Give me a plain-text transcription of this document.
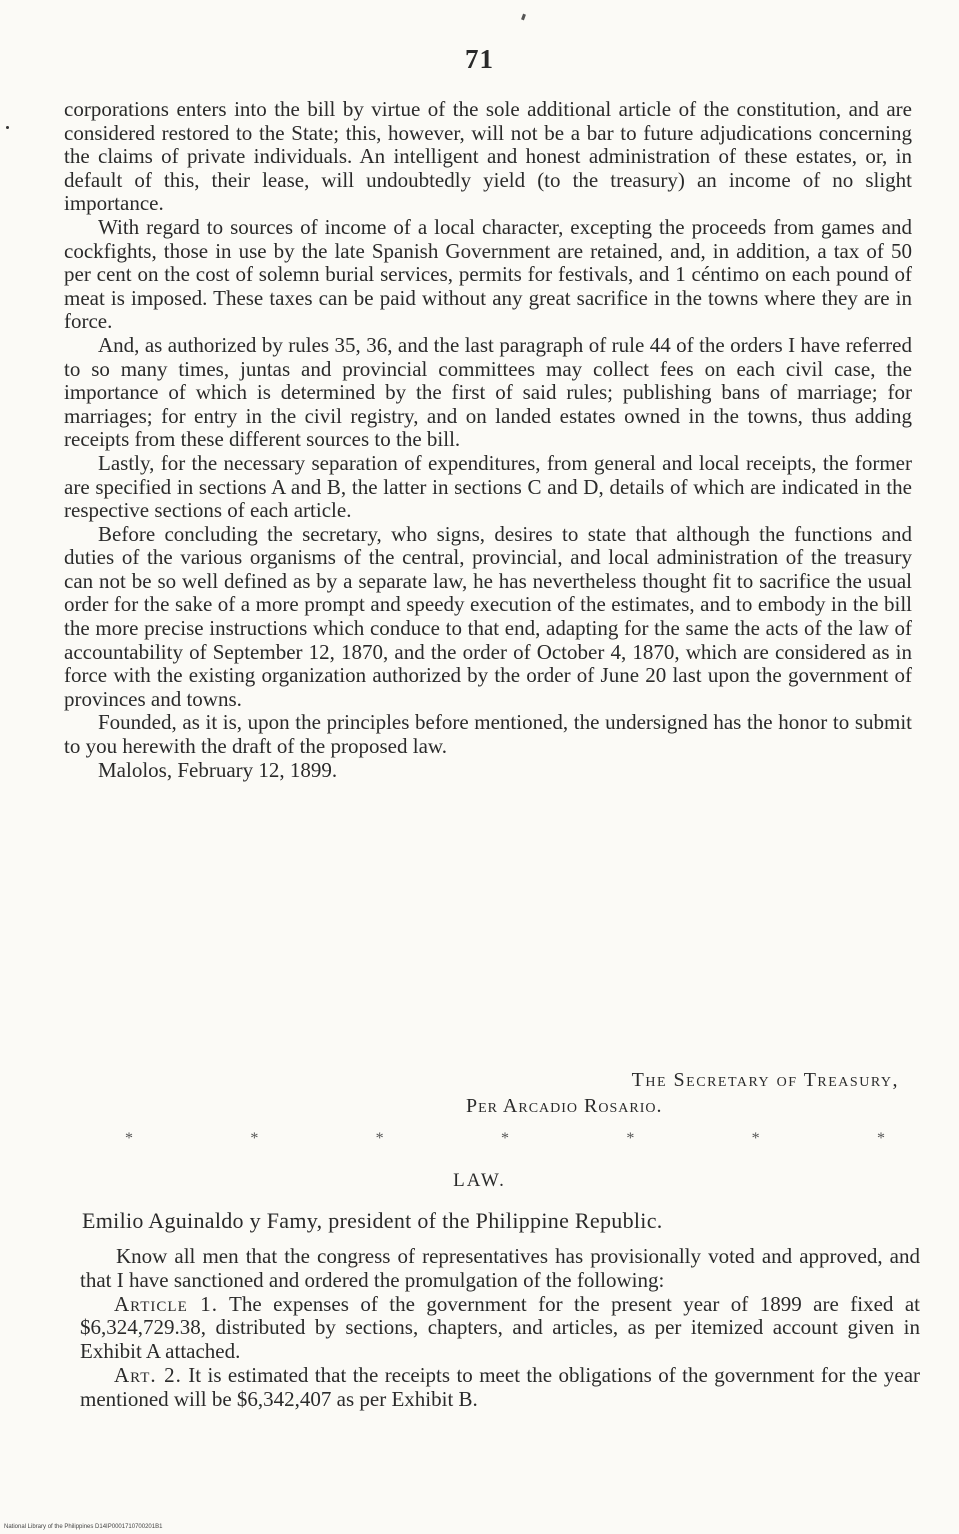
71

corporations enters into the bill by virtue of the sole additional article of the constitution, and are considered restored to the State; this, however, will not be a bar to future adjudications concerning the claims of private individuals. An intelligent and honest administration of these estates, or, in default of this, their lease, will undoubtedly yield (to the treasury) an income of no slight importance.

With regard to sources of income of a local character, excepting the proceeds from games and cockfights, those in use by the late Spanish Government are retained, and, in addition, a tax of 50 per cent on the cost of solemn burial services, permits for festivals, and 1 céntimo on each pound of meat is imposed. These taxes can be paid without any great sacrifice in the towns where they are in force.

And, as authorized by rules 35, 36, and the last paragraph of rule 44 of the orders I have referred to so many times, juntas and provincial committees may collect fees on each civil case, the importance of which is determined by the first of said rules; publishing bans of marriage; for marriages; for entry in the civil registry, and on landed estates owned in the towns, thus adding receipts from these different sources to the bill.

Lastly, for the necessary separation of expenditures, from general and local receipts, the former are specified in sections A and B, the latter in sections C and D, details of which are indicated in the respective sections of each article.

Before concluding the secretary, who signs, desires to state that although the functions and duties of the various organisms of the central, provincial, and local administration of the treasury can not be so well defined as by a separate law, he has nevertheless thought fit to sacrifice the usual order for the sake of a more prompt and speedy execution of the estimates, and to embody in the bill the more precise instructions which conduce to that end, adapting for the same the acts of the law of accountability of September 12, 1870, and the order of October 4, 1870, which are considered as in force with the existing organization authorized by the order of June 20 last upon the government of provinces and towns.

Founded, as it is, upon the principles before mentioned, the undersigned has the honor to submit to you herewith the draft of the proposed law.

Malolos, February 12, 1899.

The Secretary of Treasury,
Per Arcadio Rosario.
*	*	*	*	*	*	*
LAW.
Emilio Aguinaldo y Famy, president of the Philippine Republic.

Know all men that the congress of representatives has provisionally voted and approved, and that I have sanctioned and ordered the promulgation of the following:

Article 1. The expenses of the government for the present year of 1899 are fixed at $6,324,729.38, distributed by sections, chapters, and articles, as per itemized account given in Exhibit A attached.

Art. 2. It is estimated that the receipts to meet the obligations of the government for the year mentioned will be $6,342,407 as per Exhibit B.

National Library of the Philippines D14IP0001710700201B1
